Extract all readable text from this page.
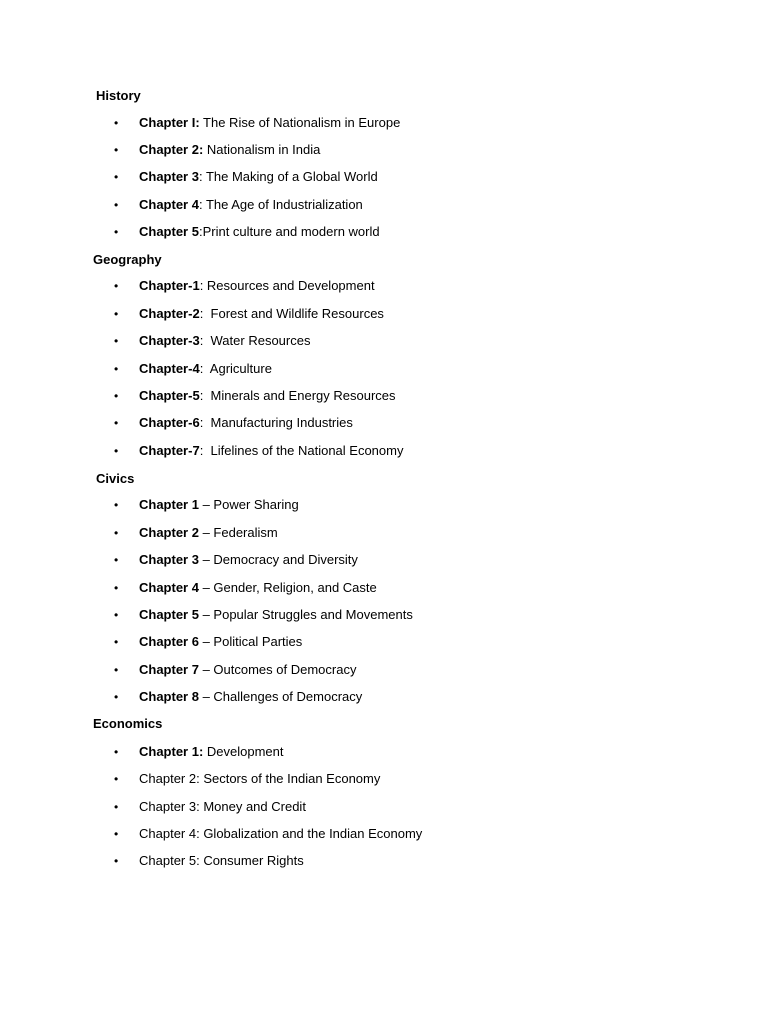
History
• Chapter I: The Rise of Nationalism in Europe
• Chapter 2: Nationalism in India
• Chapter 3: The Making of a Global World
• Chapter 4: The Age of Industrialization
• Chapter 5:Print culture and modern world
Geography
• Chapter-1: Resources and Development
• Chapter-2:  Forest and Wildlife Resources
• Chapter-3:  Water Resources
• Chapter-4:  Agriculture
• Chapter-5:  Minerals and Energy Resources
• Chapter-6:  Manufacturing Industries
• Chapter-7:  Lifelines of the National Economy
Civics
• Chapter 1 – Power Sharing
• Chapter 2 – Federalism
• Chapter 3 – Democracy and Diversity
• Chapter 4 – Gender, Religion, and Caste
• Chapter 5 – Popular Struggles and Movements
• Chapter 6 – Political Parties
• Chapter 7 – Outcomes of Democracy
• Chapter 8 – Challenges of Democracy
Economics
• Chapter 1: Development
• Chapter 2: Sectors of the Indian Economy
• Chapter 3: Money and Credit
• Chapter 4: Globalization and the Indian Economy
• Chapter 5: Consumer Rights
